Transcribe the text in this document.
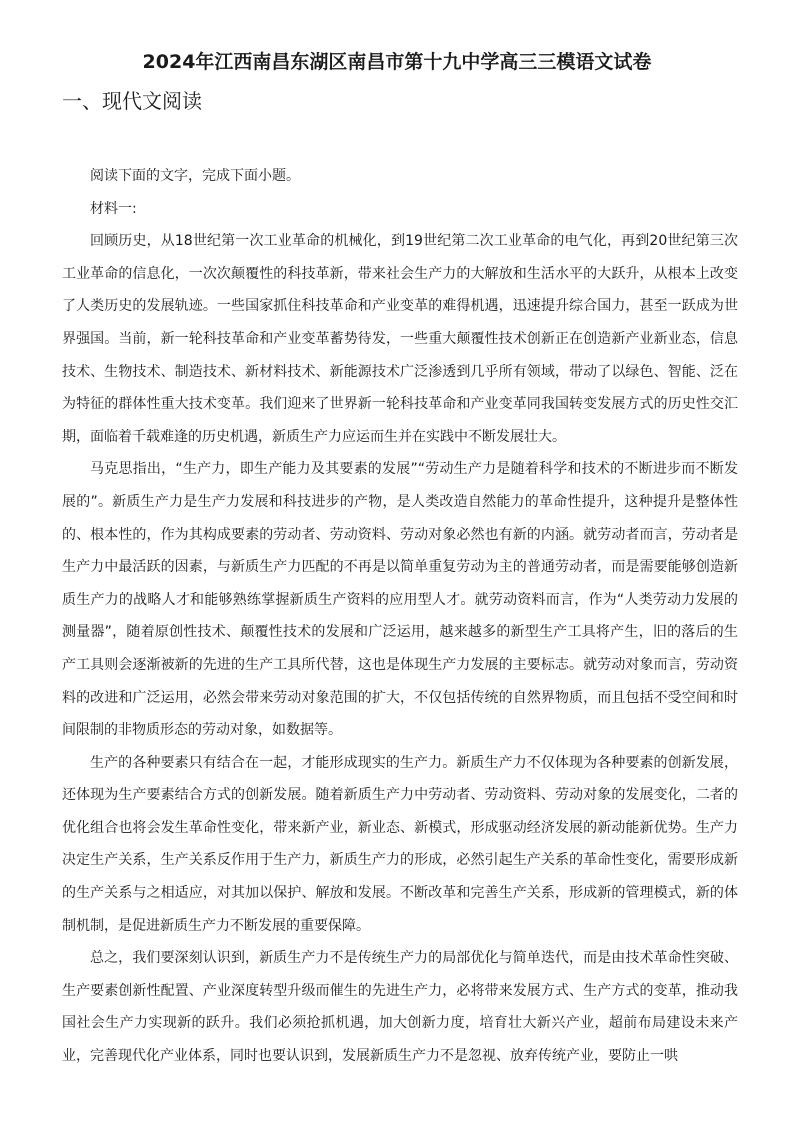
2024年江西南昌东湖区南昌市第十九中学高三三模语文试卷
一、现代文阅读

阅读下面的文字，完成下面小题。

材料一:

回顾历史，从18世纪第一次工业革命的机械化，到19世纪第二次工业革命的电气化，再到20世纪第三次工业革命的信息化，一次次颠覆性的科技革新，带来社会生产力的大解放和生活水平的大跃升，从根本上改变了人类历史的发展轨迹。一些国家抓住科技革命和产业变革的难得机遇，迅速提升综合国力，甚至一跃成为世界强国。当前，新一轮科技革命和产业变革蓄势待发，一些重大颠覆性技术创新正在创造新产业新业态，信息技术、生物技术、制造技术、新材料技术、新能源技术广泛渗透到几乎所有领域，带动了以绿色、智能、泛在为特征的群体性重大技术变革。我们迎来了世界新一轮科技革命和产业变革同我国转变发展方式的历史性交汇期，面临着千载难逢的历史机遇，新质生产力应运而生并在实践中不断发展壮大。

马克思指出，“生产力，即生产能力及其要素的发展”“劳动生产力是随着科学和技术的不断进步而不断发展的”。新质生产力是生产力发展和科技进步的产物，是人类改造自然能力的革命性提升，这种提升是整体性的、根本性的，作为其构成要素的劳动者、劳动资料、劳动对象必然也有新的内涵。就劳动者而言，劳动者是生产力中最活跃的因素，与新质生产力匹配的不再是以简单重复劳动为主的普通劳动者，而是需要能够创造新质生产力的战略人才和能够熟练掌握新质生产资料的应用型人才。就劳动资料而言，作为“人类劳动力发展的测量器”，随着原创性技术、颠覆性技术的发展和广泛运用，越来越多的新型生产工具将产生，旧的落后的生产工具则会逐渐被新的先进的生产工具所代替，这也是体现生产力发展的主要标志。就劳动对象而言，劳动资料的改进和广泛运用，必然会带来劳动对象范围的扩大，不仅包括传统的自然界物质，而且包括不受空间和时间限制的非物质形态的劳动对象，如数据等。

生产的各种要素只有结合在一起，才能形成现实的生产力。新质生产力不仅体现为各种要素的创新发展，还体现为生产要素结合方式的创新发展。随着新质生产力中劳动者、劳动资料、劳动对象的发展变化，二者的优化组合也将会发生革命性变化，带来新产业，新业态、新模式，形成驱动经济发展的新动能新优势。生产力决定生产关系，生产关系反作用于生产力，新质生产力的形成，必然引起生产关系的革命性变化，需要形成新的生产关系与之相适应，对其加以保护、解放和发展。不断改革和完善生产关系，形成新的管理模式，新的体制机制，是促进新质生产力不断发展的重要保障。

总之，我们要深刻认识到，新质生产力不是传统生产力的局部优化与简单迭代，而是由技术革命性突破、生产要素创新性配置、产业深度转型升级而催生的先进生产力，必将带来发展方式、生产方式的变革，推动我国社会生产力实现新的跃升。我们必须抢抓机遇，加大创新力度，培育壮大新兴产业，超前布局建设未来产业，完善现代化产业体系，同时也要认识到，发展新质生产力不是忽视、放弃传统产业，要防止一哄
